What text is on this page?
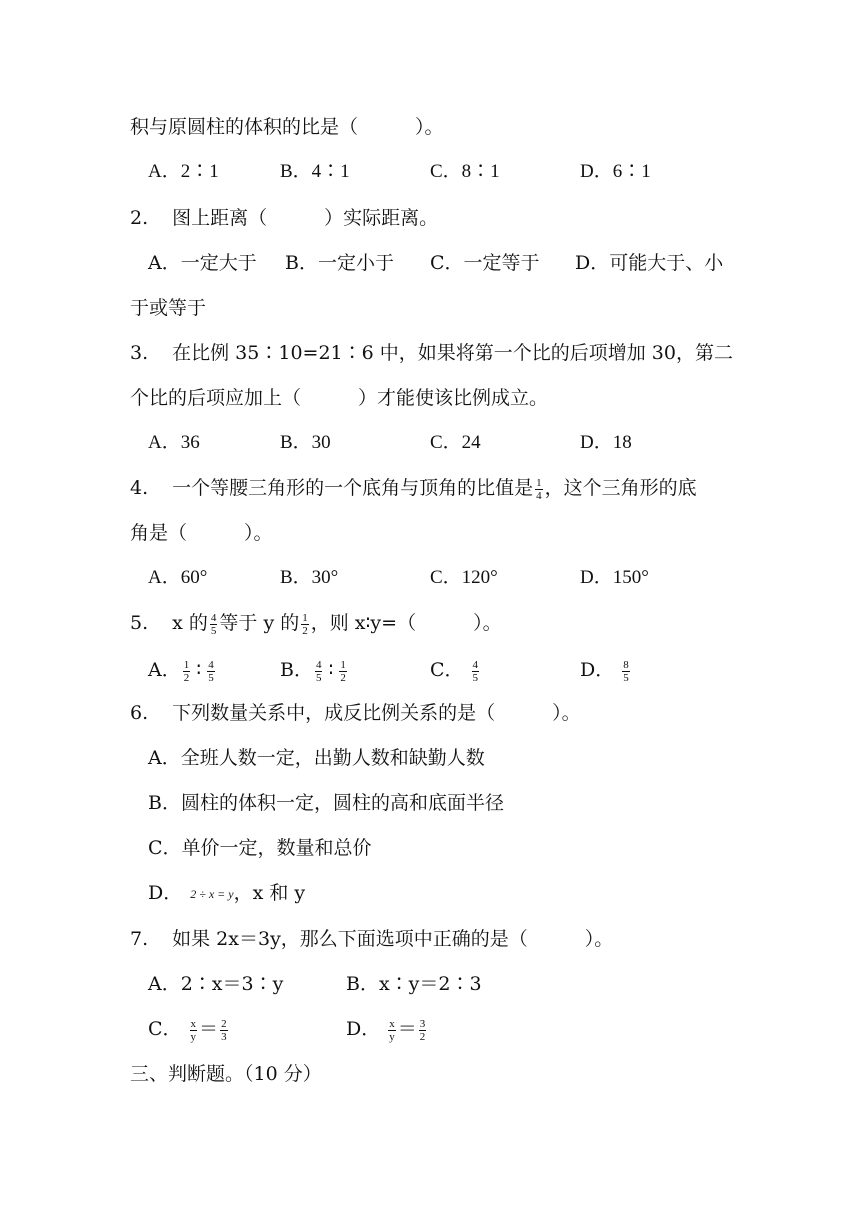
积与原圆柱的体积的比是（　　　）。
A．2∶1	B．4∶1	C．8∶1	D．6∶1
2. 图上距离（　　　）实际距离。
A．一定大于 B．一定小于 C．一定等于 D．可能大于、小
于或等于
3. 在比例 35∶10=21∶6 中，如果将第一个比的后项增加 30，第二
个比的后项应加上（　　　）才能使该比例成立。
A．36	B．30	C．24	D．18
4. 一个等腰三角形的一个底角与顶角的比值是 $\frac{1}{4}$ ，这个三角形的底
角是（　　　）。
A．60°	B．30°	C．120°	D．150°
5. x 的 $\frac{4}{5}$ 等于 y 的 $\frac{1}{2}$ ，则 x∶y=（　　　）。
A． $\frac{1}{2}$ ∶ $\frac{4}{5}$	B． $\frac{4}{5}$ ∶ $\frac{1}{2}$	C． $\frac{4}{5}$	D． $\frac{8}{5}$
6. 下列数量关系中，成反比例关系的是（　　　）。
A．全班人数一定，出勤人数和缺勤人数
B．圆柱的体积一定，圆柱的高和底面半径
C．单价一定，数量和总价
D． 2 ÷ x = y，x 和 y
7. 如果 2x＝3y，那么下面选项中正确的是（　　　）。
A．2∶x＝3∶y	B．x∶y＝2∶3
C． $\frac{x}{y} = \frac{2}{3}$	D． $\frac{x}{y} = \frac{3}{2}$
三、判断题。（10 分）
